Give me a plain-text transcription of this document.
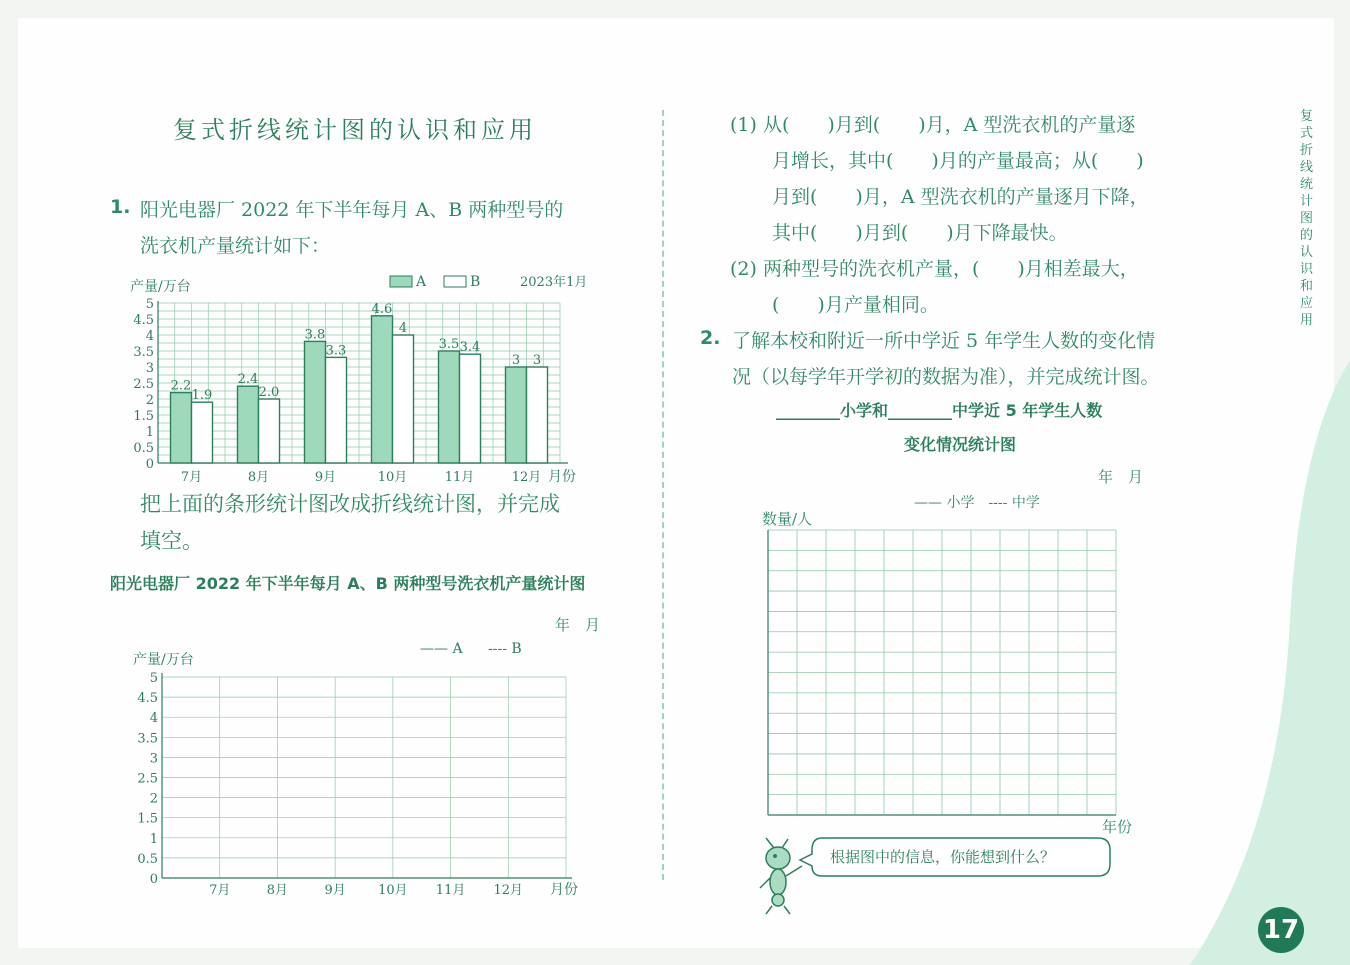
复式折线统计图的认识和应用
1. 阳光电器厂 2022 年下半年每月 A、B 两种型号的
洗衣机产量统计如下：
0
0.5
1
1.5
2
2.5
3
3.5
4
4.5
5
7月
2.2
1.9
8月
2.4
2.0
9月
3.8
3.3
10月
4.6
4
11月
3.5 3.4
12月
3 3
产量/万台	A	B	2023年1月
月份
把上面的条形统计图改成折线统计图，并完成
填空。
阳光电器厂 2022 年下半年每月 A、B 两种型号洗衣机产量统计图
年　月
0
0.5
1
1.5
2
2.5
3
3.5
4
4.5
5
7月	8月	9月 10月 11月 12月
产量/万台
—— A ---- B
月份
(1) 从(　　)月到(　　)月，A 型洗衣机的产量逐
月增长，其中(　　)月的产量最高；从(　　)
月到(　　)月，A 型洗衣机的产量逐月下降，
其中(　　)月到(　　)月下降最快。
(2) 两种型号的洗衣机产量，(　　)月相差最大，
(　　)月产量相同。
2. 了解本校和附近一所中学近 5 年学生人数的变化情
况（以每学年开学初的数据为准），并完成统计图。
________小学和________中学近 5 年学生人数
变化情况统计图
年　月
—— 小学　---- 中学
数量/人
年份
根据图中的信息，你能想到什么？
复式折线统计图的认识和应用
17
